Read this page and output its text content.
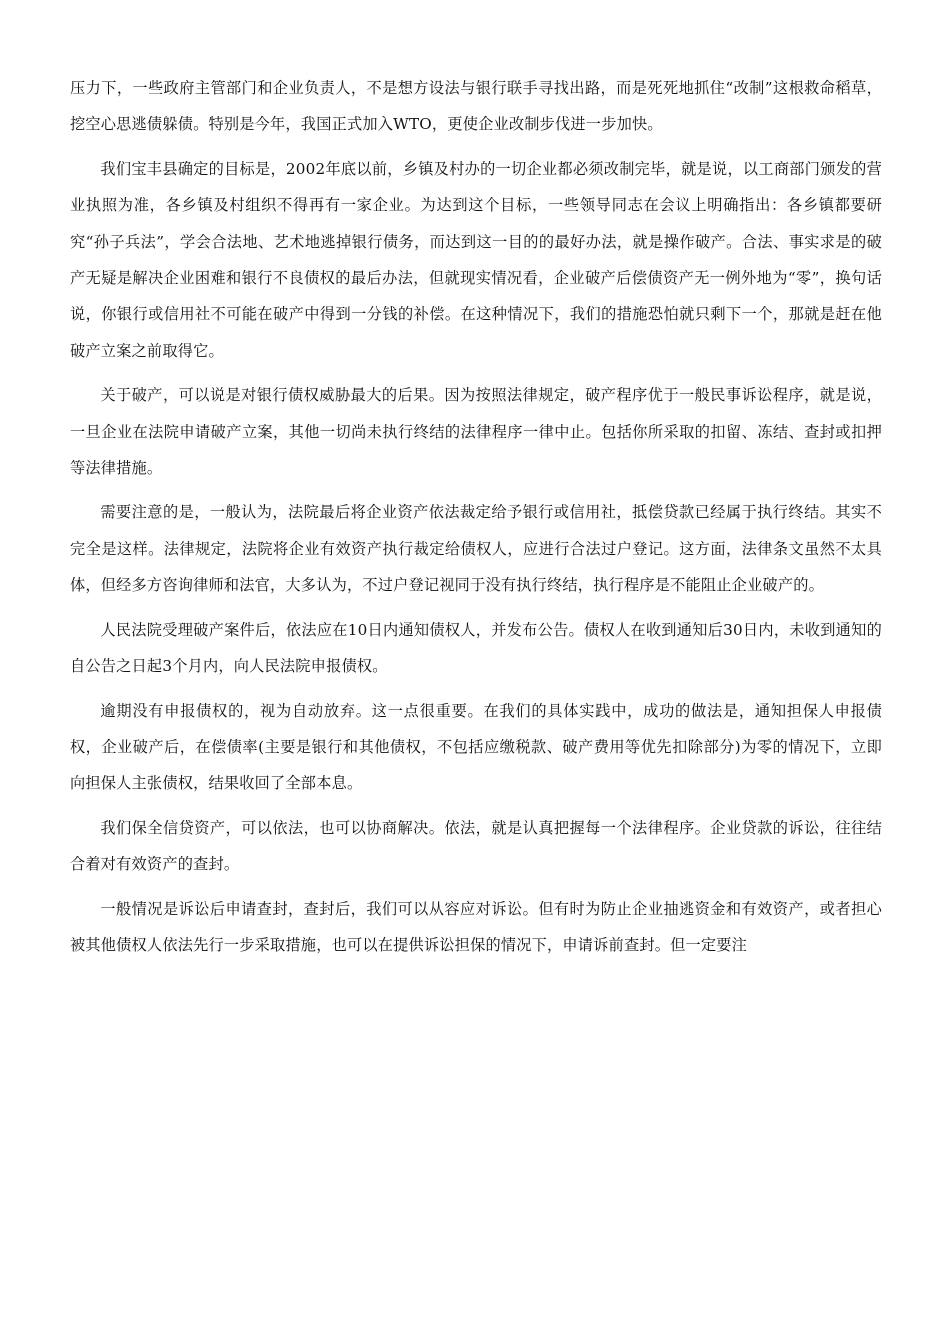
压力下，一些政府主管部门和企业负责人，不是想方设法与银行联手寻找出路，而是死死地抓住“改制”这根救命稻草，挖空心思逃债躲债。特别是今年，我国正式加入WTO，更使企业改制步伐进一步加快。

我们宝丰县确定的目标是，2002年底以前，乡镇及村办的一切企业都必须改制完毕，就是说，以工商部门颁发的营业执照为准，各乡镇及村组织不得再有一家企业。为达到这个目标，一些领导同志在会议上明确指出：各乡镇都要研究“孙子兵法”，学会合法地、艺术地逃掉银行债务，而达到这一目的的最好办法，就是操作破产。合法、事实求是的破产无疑是解决企业困难和银行不良债权的最后办法，但就现实情况看，企业破产后偿债资产无一例外地为“零”，换句话说，你银行或信用社不可能在破产中得到一分钱的补偿。在这种情况下，我们的措施恐怕就只剩下一个，那就是赶在他破产立案之前取得它。

关于破产，可以说是对银行债权威胁最大的后果。因为按照法律规定，破产程序优于一般民事诉讼程序，就是说，一旦企业在法院申请破产立案，其他一切尚未执行终结的法律程序一律中止。包括你所采取的扣留、冻结、查封或扣押等法律措施。

需要注意的是，一般认为，法院最后将企业资产依法裁定给予银行或信用社，抵偿贷款已经属于执行终结。其实不完全是这样。法律规定，法院将企业有效资产执行裁定给债权人，应进行合法过户登记。这方面，法律条文虽然不太具体，但经多方咨询律师和法官，大多认为，不过户登记视同于没有执行终结，执行程序是不能阻止企业破产的。

人民法院受理破产案件后，依法应在10日内通知债权人，并发布公告。债权人在收到通知后30日内，未收到通知的自公告之日起3个月内，向人民法院申报债权。

逾期没有申报债权的，视为自动放弃。这一点很重要。在我们的具体实践中，成功的做法是，通知担保人申报债权，企业破产后，在偿债率(主要是银行和其他债权，不包括应缴税款、破产费用等优先扣除部分)为零的情况下，立即向担保人主张债权，结果收回了全部本息。

我们保全信贷资产，可以依法，也可以协商解决。依法，就是认真把握每一个法律程序。企业贷款的诉讼，往往结合着对有效资产的查封。

一般情况是诉讼后申请查封，查封后，我们可以从容应对诉讼。但有时为防止企业抽逃资金和有效资产，或者担心被其他债权人依法先行一步采取措施，也可以在提供诉讼担保的情况下，申请诉前查封。但一定要注
